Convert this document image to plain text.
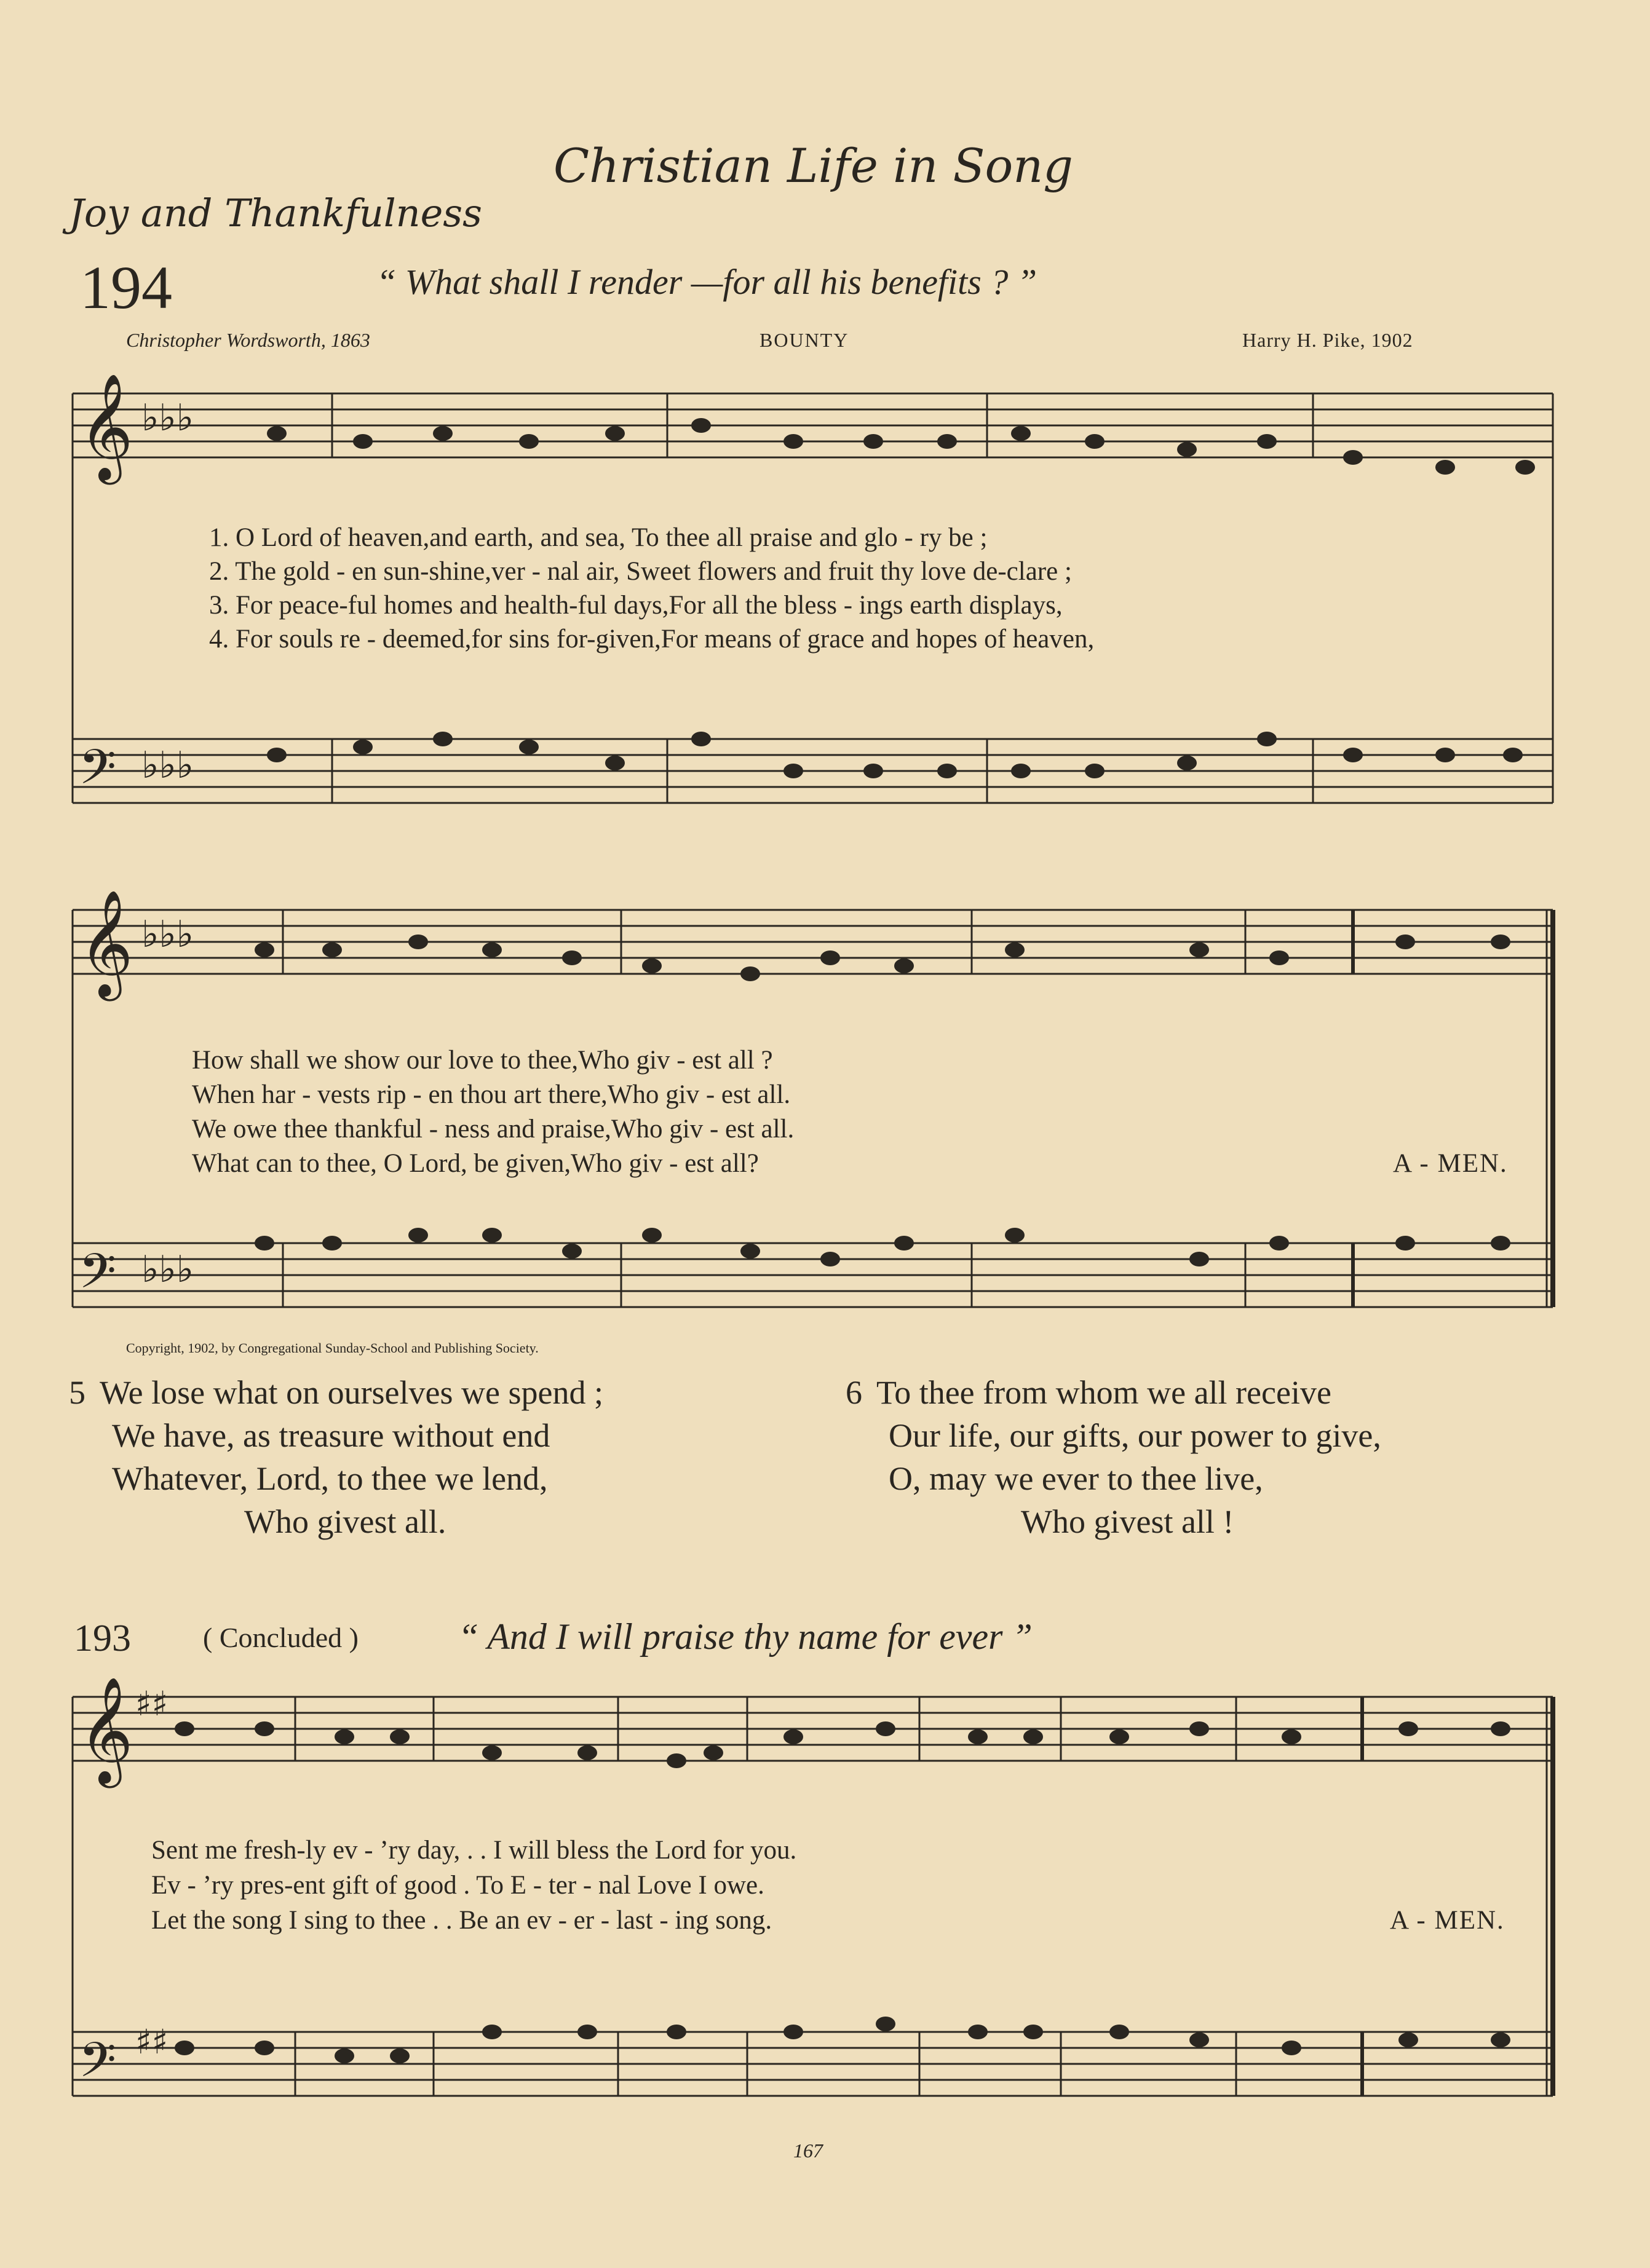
Christian Life in Song
Joy and Thankfulness
194	“ What shall I render —for all his benefits ? ”
Christopher Wordsworth, 1863	BOUNTY	Harry H. Pike, 1902
𝄞
𝄢
𝄞
𝄢
𝄞
𝄢
♭♭♭
♭♭♭
♭♭♭
♭♭♭
♯♯
♯♯
1. O Lord of heaven,and earth, and sea, To thee all praise and glo - ry be ;
2. The gold - en sun-shine,ver - nal air, Sweet flowers and fruit thy love de-clare ;
3. For peace-ful homes and health-ful days,For all the bless - ings earth displays,
4. For souls re - deemed,for sins for-given,For means of grace and hopes of heaven,
How shall we show our love to thee,Who giv - est all ?
When har - vests rip - en thou art there,Who giv - est all.
We owe thee thankful - ness and praise,Who giv - est all.
What can to thee, O Lord, be given,Who giv - est all?	A - MEN.
Copyright, 1902, by Congregational Sunday-School and Publishing Society.
5 We lose what on ourselves we spend ;
We have, as treasure without end
Whatever, Lord, to thee we lend,
Who givest all.
6 To thee from whom we all receive
Our life, our gifts, our power to give,
O, may we ever to thee live,
Who givest all !
193	( Concluded )	“ And I will praise thy name for ever ”
Sent me fresh-ly ev - ’ry day, . . I will bless the Lord for you.
Ev - ’ry pres-ent gift of good . To E - ter - nal Love I owe.
Let the song I sing to thee . . Be an ev - er - last - ing song.	A - MEN.
167
